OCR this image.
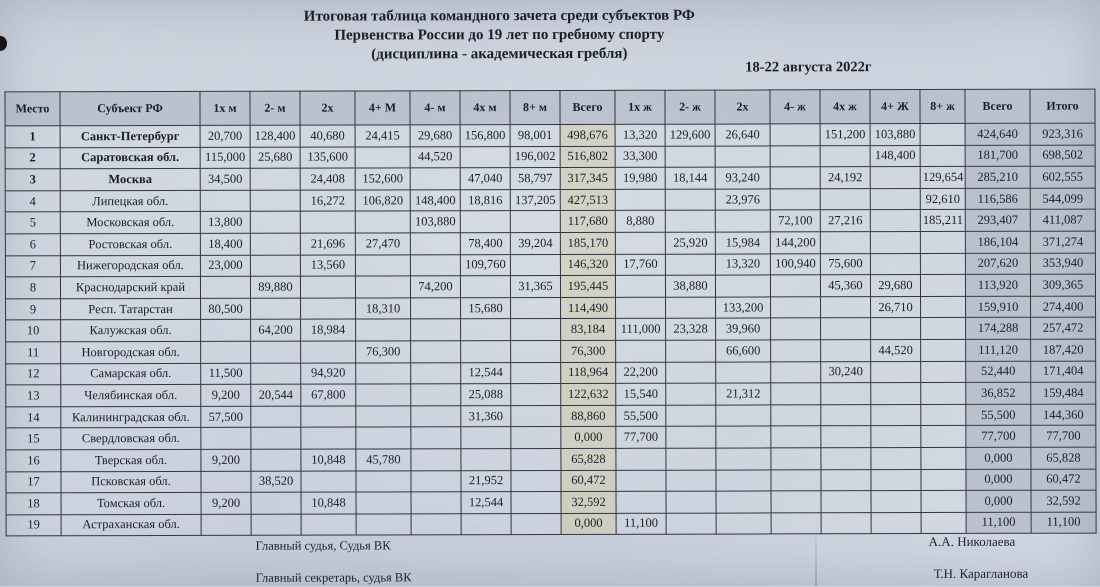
Итоговая таблица командного зачета среди субъектов РФ

Первенства России до 19 лет по гребному спорту

(дисциплина - академическая гребля)

18-22 августа 2022г
Место	Субъект РФ	1х м	2- м	2х	4+ М	4- м	4х м	8+ м	Всего	1х ж	2- ж	2х	4- ж	4х ж	4+ Ж	8+ ж	Всего	Итого
1	Санкт-Петербург	20,700	128,400	40,680	24,415	29,680	156,800	98,001	498,676	13,320	129,600	26,640		151,200	103,880		424,640	923,316
2	Саратовская обл.	115,000	25,680	135,600		44,520		196,002	516,802	33,300					148,400		181,700	698,502
3	Москва	34,500		24,408	152,600		47,040	58,797	317,345	19,980	18,144	93,240		24,192		129,654	285,210	602,555
4	Липецкая обл.			16,272	106,820	148,400	18,816	137,205	427,513			23,976				92,610	116,586	544,099
5	Московская обл.	13,800				103,880			117,680	8,880			72,100	27,216		185,211	293,407	411,087
6	Ростовская обл.	18,400		21,696	27,470		78,400	39,204	185,170		25,920	15,984	144,200				186,104	371,274
7	Нижегородская обл.	23,000		13,560			109,760		146,320	17,760		13,320	100,940	75,600			207,620	353,940
8	Краснодарский край		89,880			74,200		31,365	195,445		38,880			45,360	29,680		113,920	309,365
9	Респ. Татарстан	80,500			18,310		15,680		114,490			133,200			26,710		159,910	274,400
10	Калужская обл.		64,200	18,984					83,184	111,000	23,328	39,960					174,288	257,472
11	Новгородская обл.				76,300				76,300			66,600			44,520		111,120	187,420
12	Самарская обл.	11,500		94,920			12,544		118,964	22,200				30,240			52,440	171,404
13	Челябинская обл.	9,200	20,544	67,800			25,088		122,632	15,540		21,312					36,852	159,484
14	Калининградская обл.	57,500					31,360		88,860	55,500							55,500	144,360
15	Свердловская обл.								0,000	77,700							77,700	77,700
16	Тверская обл.	9,200		10,848	45,780				65,828								0,000	65,828
17	Псковская обл.		38,520				21,952		60,472								0,000	60,472
18	Томская обл.	9,200		10,848			12,544		32,592								0,000	32,592
19	Астраханская обл.								0,000	11,100							11,100	11,100
Главный судья, Судья ВК	А.А. Николаева
Главный секретарь, судья ВК	Т.Н. Карагланова
